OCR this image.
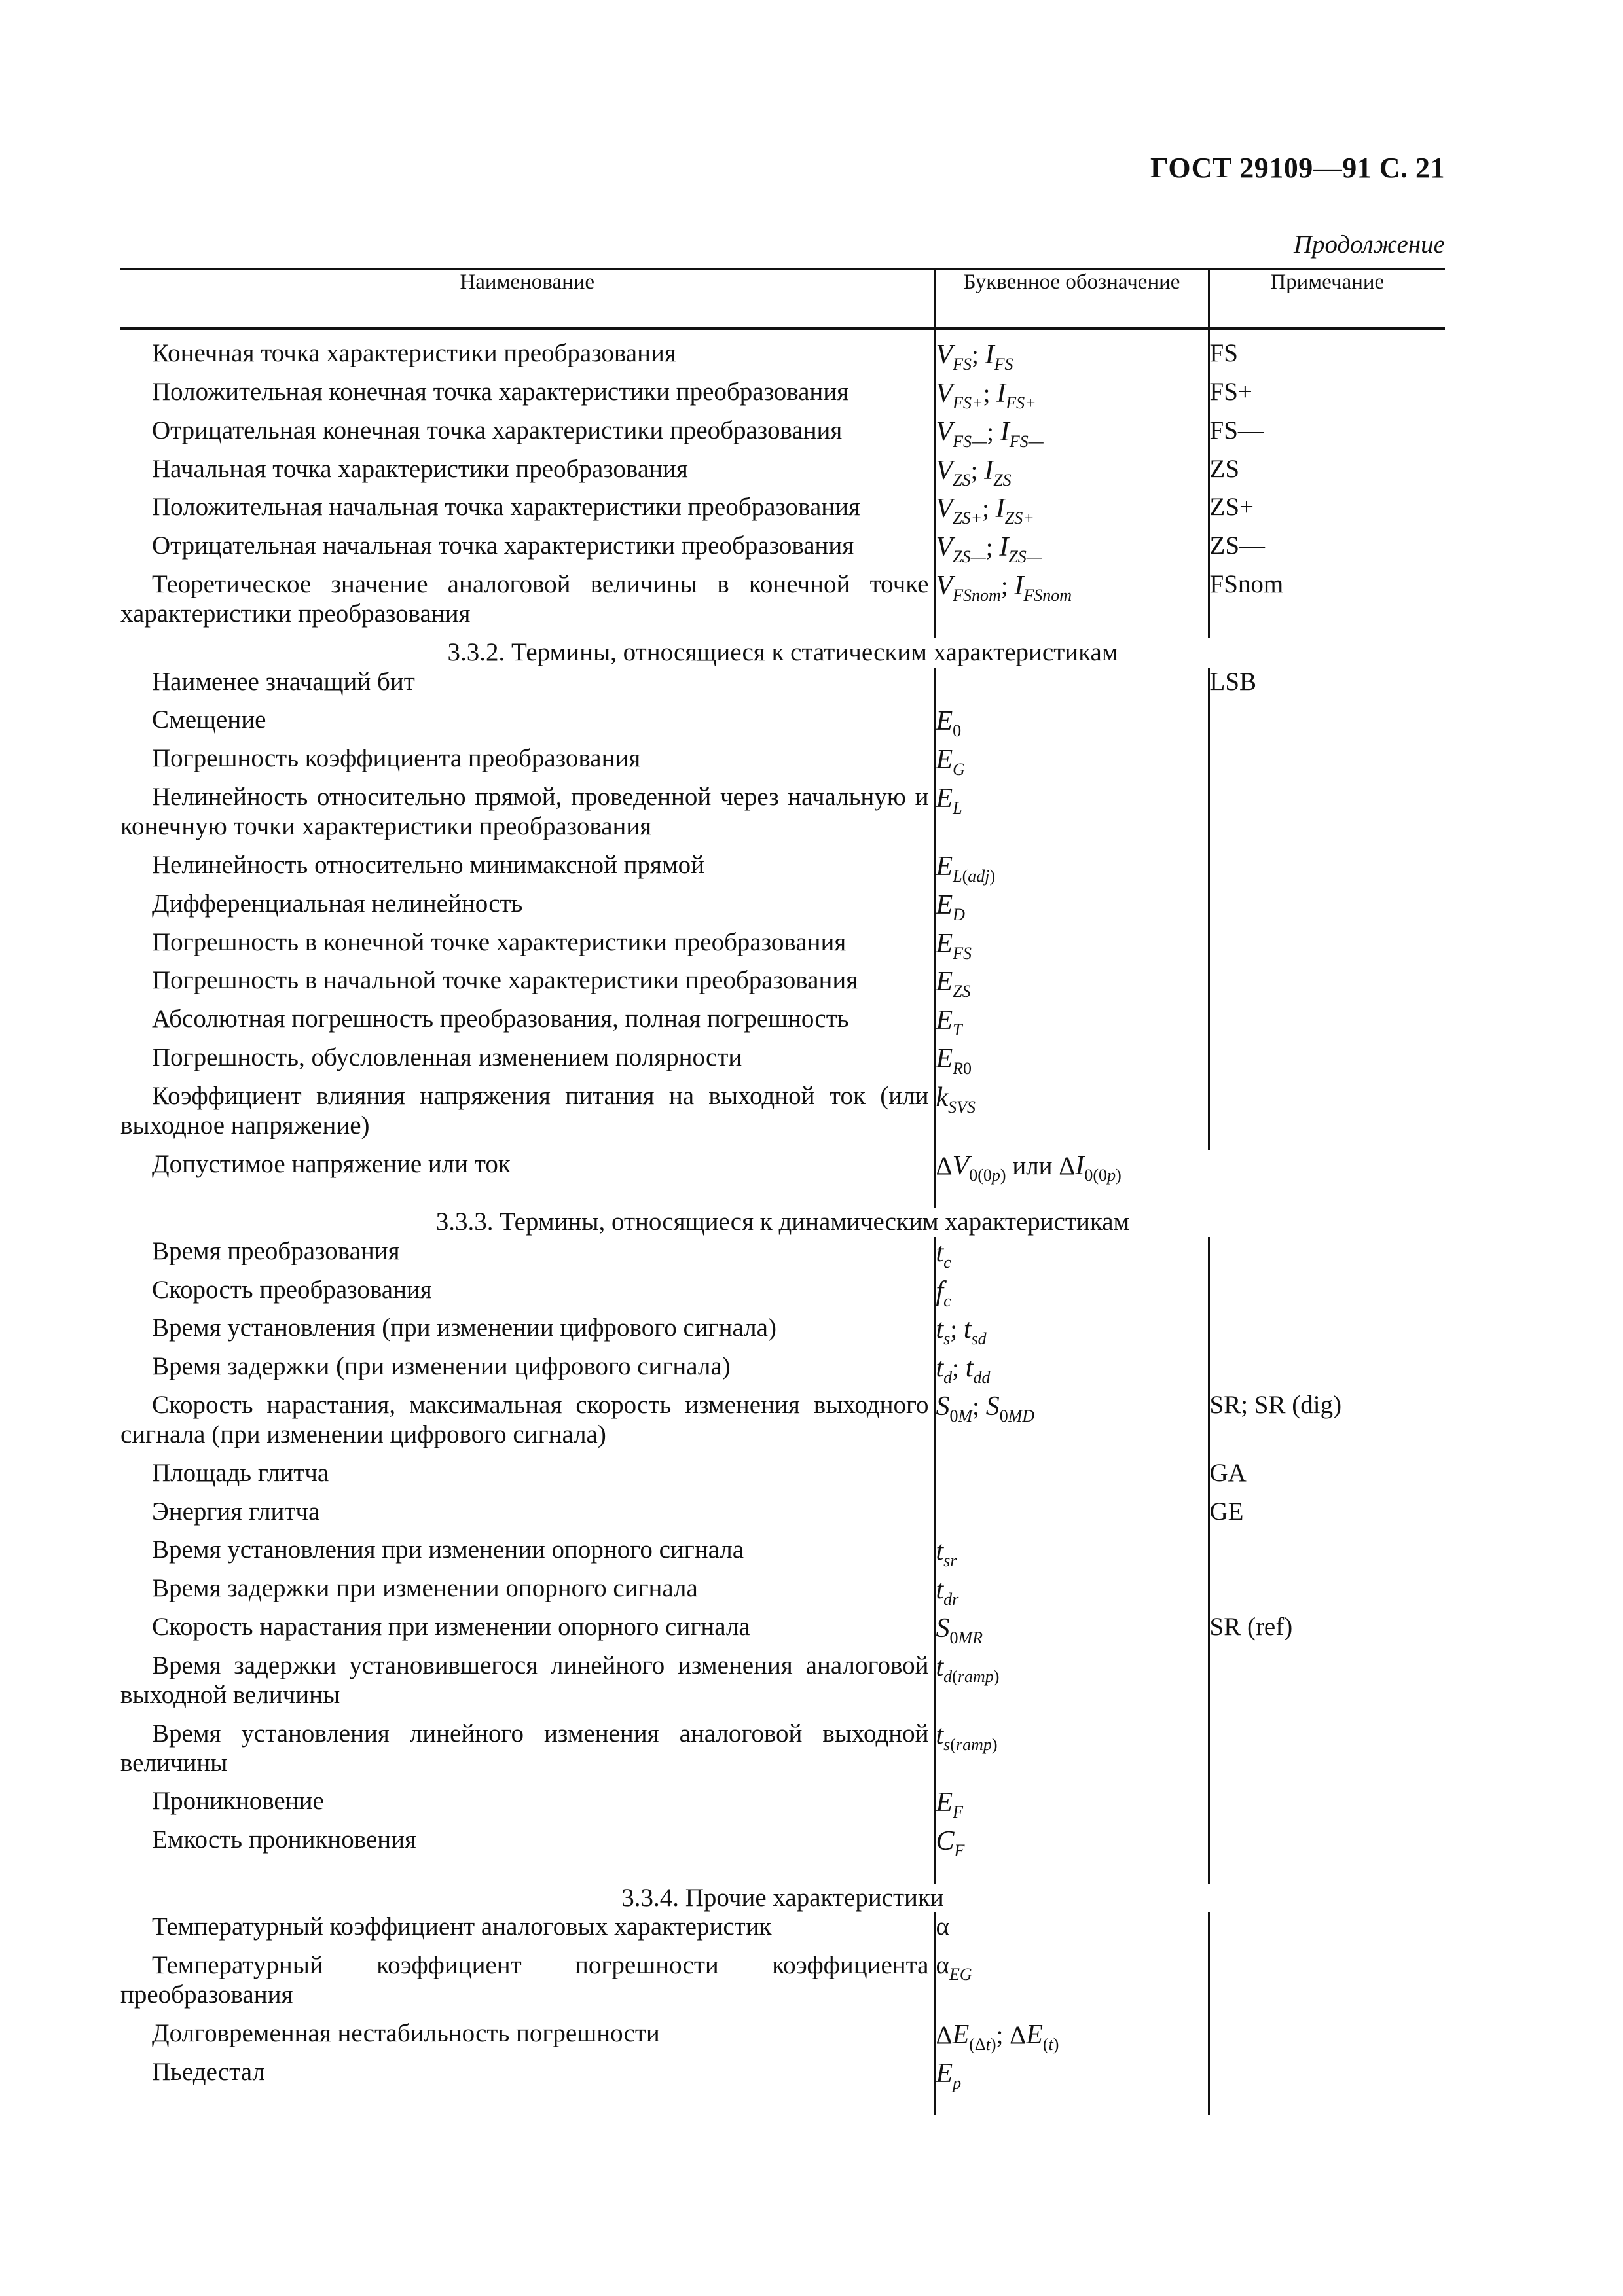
ГОСТ 29109—91 С. 21
Продолжение
Наименование	Буквенное обозначение	Примечание

Конечная точка характеристики преобразования	$V_{FS}$; $I_{FS}$	FS

Положительная конечная точка характеристики преобразования	$V_{FS+}$; $I_{FS+}$	FS+

Отрицательная конечная точка характеристики преобразования	$V_{FS—}$; $I_{FS—}$	FS—

Начальная точка характеристики преобразования	$V_{ZS}$; $I_{ZS}$	ZS

Положительная начальная точка характеристики преобразования	$V_{ZS+}$; $I_{ZS+}$	ZS+

Отрицательная начальная точка характеристики преобразования	$V_{ZS—}$; $I_{ZS—}$	ZS—

Теоретическое значение аналоговой величины в конечной точке характеристики преобразования	$V_{FSnom}$; $I_{FSnom}$	FSnom
3.3.2. Термины, относящиеся к статическим характеристикам		

Наименее значащий бит		LSB

Смещение	$E_0$	

Погрешность коэффициента преобразования	$E_G$	

Нелинейность относительно прямой, проведенной через начальную и конечную точки характеристики преобразования	$E_L$	

Нелинейность относительно минимаксной прямой	$E_{L(adj)}$	

Дифференциальная нелинейность	$E_D$	

Погрешность в конечной точке характеристики преобразования	$E_{FS}$	

Погрешность в начальной точке характеристики преобразования	$E_{ZS}$	

Абсолютная погрешность преобразования, полная погрешность	$E_T$	

Погрешность, обусловленная изменением полярности	$E_{R0}$	

Коэффициент влияния напряжения питания на выходной ток (или выходное напряжение)	$k_{SVS}$	

Допустимое напряжение или ток	$\Delta V_{0(0p)}$ или $\Delta I_{0(0p)}$
3.3.3. Термины, относящиеся к динамическим характеристикам		

Время преобразования	$t_c$	

Скорость преобразования	$f_c$	

Время установления (при изменении цифрового сигнала)	$t_s$; $t_{sd}$	

Время задержки (при изменении цифрового сигнала)	$t_d$; $t_{dd}$	

Скорость нарастания, максимальная скорость изменения выходного сигнала (при изменении цифрового сигнала)	$S_{0M}$; $S_{0MD}$	SR; SR (dig)

Площадь глитча		GA

Энергия глитча		GE

Время установления при изменении опорного сигнала	$t_{sr}$	

Время задержки при изменении опорного сигнала	$t_{dr}$	

Скорость нарастания при изменении опорного сигнала	$S_{0MR}$	SR (ref)

Время задержки установившегося линейного изменения аналоговой выходной величины	$t_{d(ramp)}$	

Время установления линейного изменения аналоговой выходной величины	$t_{s(ramp)}$	

Проникновение	$E_F$	

Емкость проникновения	$C_F$	
3.3.4. Прочие характеристики		

Температурный коэффициент аналоговых характеристик	α	

Температурный коэффициент погрешности коэффициента преобразования	$\alpha_{EG}$	

Долговременная нестабильность погрешности	$\Delta E_{(\Delta t)}$; $\Delta E_{(t)}$	

Пьедестал	$E_p$	
